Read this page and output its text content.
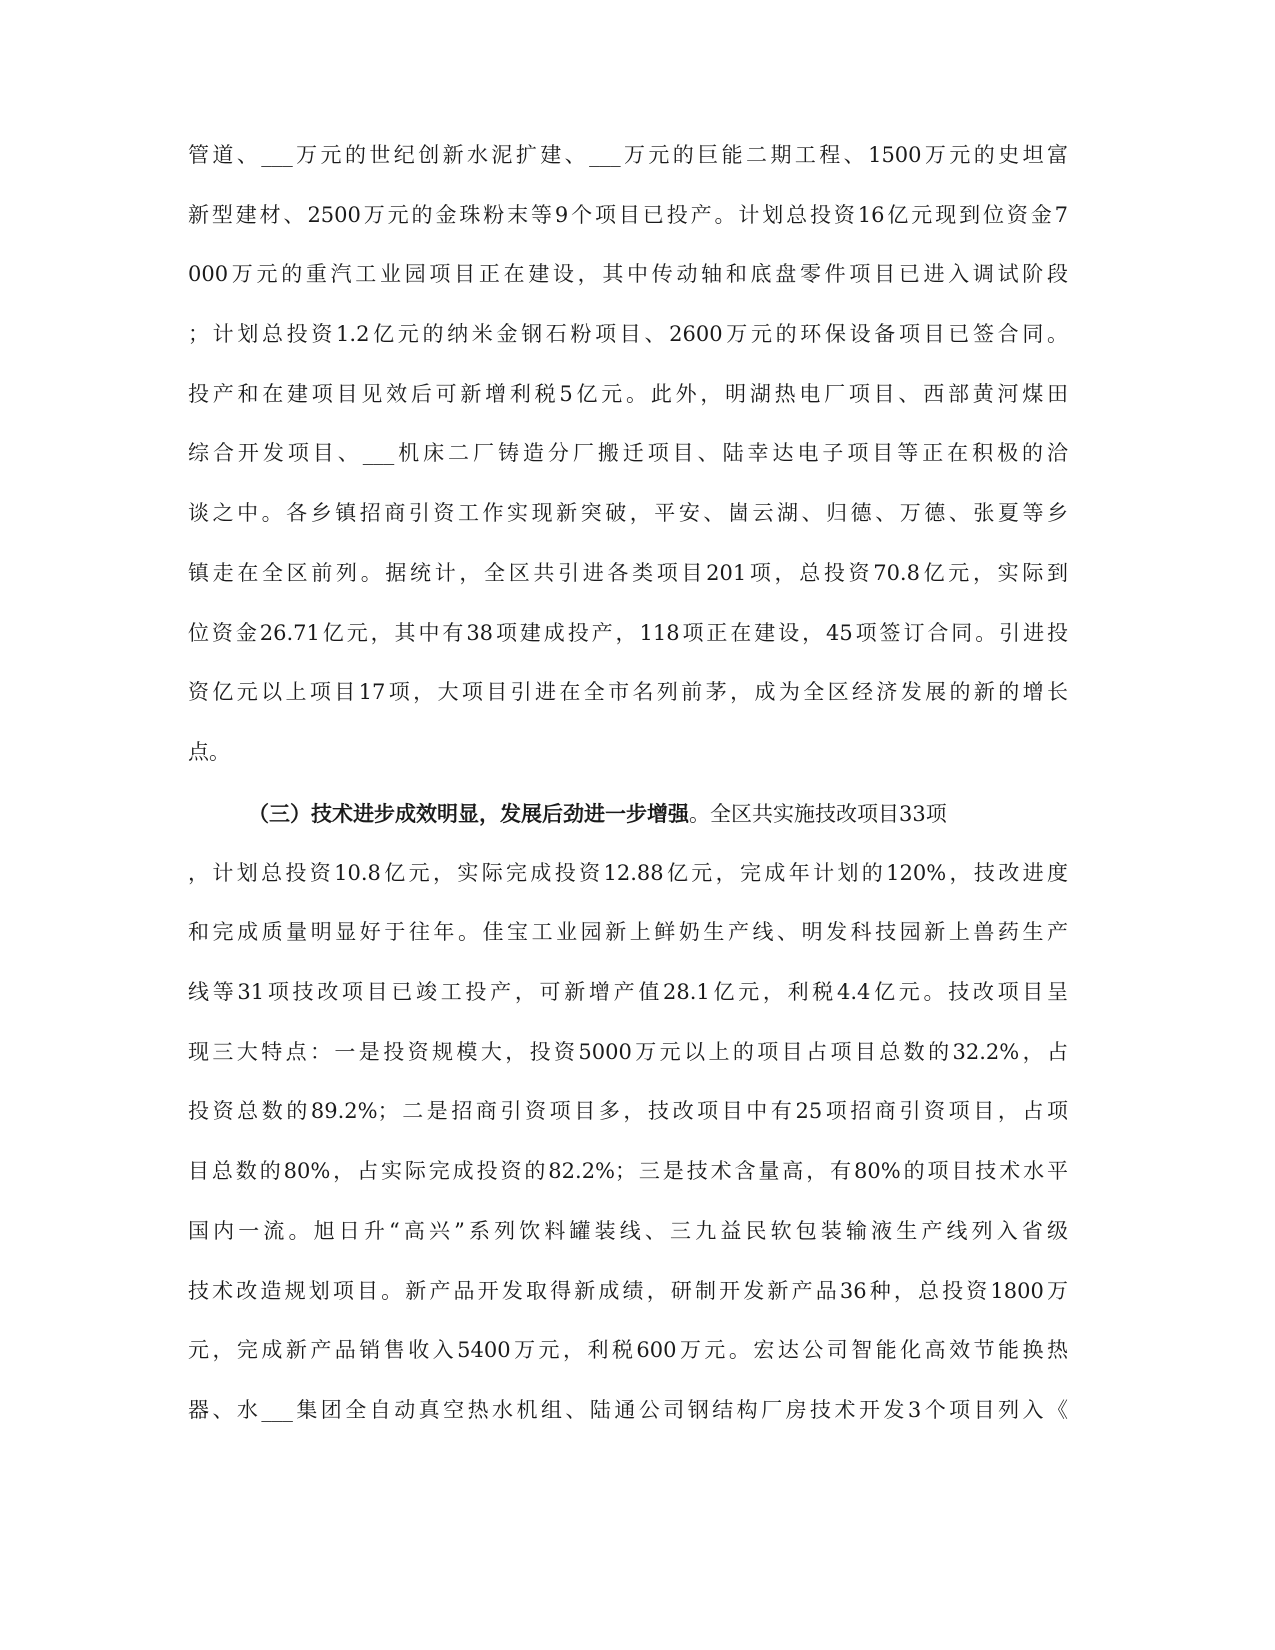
管道、___万元的世纪创新水泥扩建、___万元的巨能二期工程、1500万元的史坦富
新型建材、2500万元的金珠粉末等9个项目已投产。计划总投资16亿元现到位资金7
000万元的重汽工业园项目正在建设，其中传动轴和底盘零件项目已进入调试阶段
；计划总投资1.2亿元的纳米金钢石粉项目、2600万元的环保设备项目已签合同。
投产和在建项目见效后可新增利税5亿元。此外，明湖热电厂项目、西部黄河煤田
综合开发项目、___机床二厂铸造分厂搬迁项目、陆幸达电子项目等正在积极的洽
谈之中。各乡镇招商引资工作实现新突破，平安、崮云湖、归德、万德、张夏等乡
镇走在全区前列。据统计，全区共引进各类项目201项，总投资70.8亿元，实际到
位资金26.71亿元，其中有38项建成投产，118项正在建设，45项签订合同。引进投
资亿元以上项目17项，大项目引进在全市名列前茅，成为全区经济发展的新的增长
点。
（三）技术进步成效明显，发展后劲进一步增强。全区共实施技改项目33项
，计划总投资10.8亿元，实际完成投资12.88亿元，完成年计划的120%，技改进度
和完成质量明显好于往年。佳宝工业园新上鲜奶生产线、明发科技园新上兽药生产
线等31项技改项目已竣工投产，可新增产值28.1亿元，利税4.4亿元。技改项目呈
现三大特点：一是投资规模大，投资5000万元以上的项目占项目总数的32.2%，占
投资总数的89.2%；二是招商引资项目多，技改项目中有25项招商引资项目，占项
目总数的80%，占实际完成投资的82.2%；三是技术含量高，有80%的项目技术水平
国内一流。旭日升“高兴”系列饮料罐装线、三九益民软包装输液生产线列入省级
技术改造规划项目。新产品开发取得新成绩，研制开发新产品36种，总投资1800万
元，完成新产品销售收入5400万元，利税600万元。宏达公司智能化高效节能换热
器、水___集团全自动真空热水机组、陆通公司钢结构厂房技术开发3个项目列入《
